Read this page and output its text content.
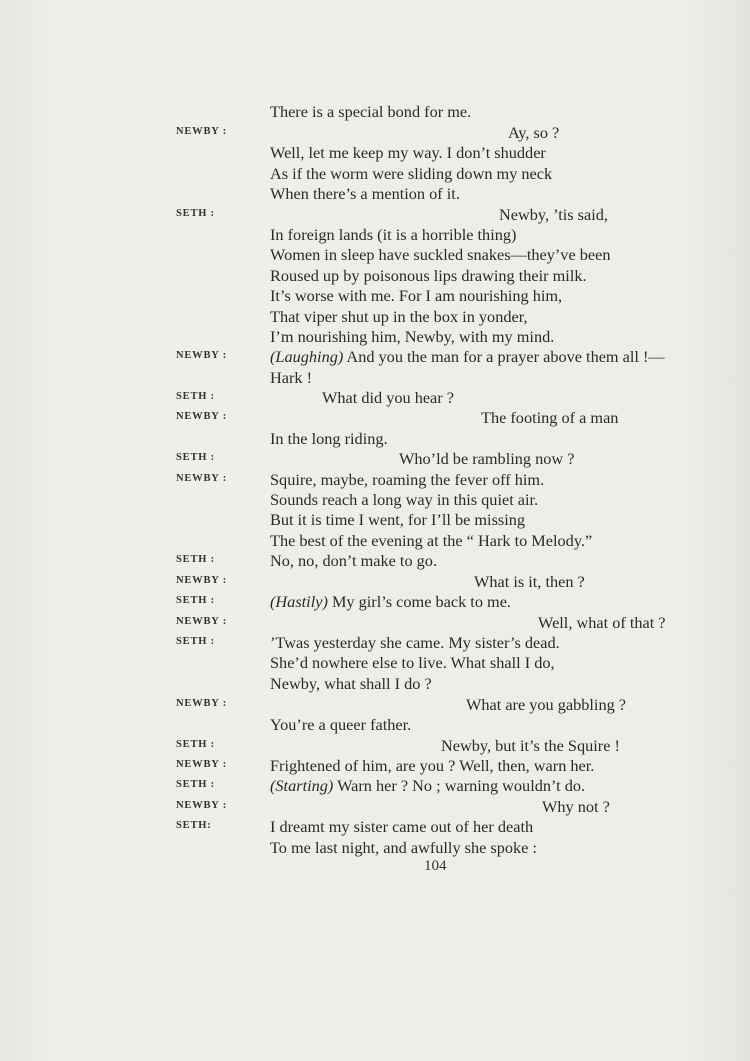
There is a special bond for me.
NEWBY :	Ay, so ?
Well, let me keep my way. I don’t shudder
As if the worm were sliding down my neck
When there’s a mention of it.
SETH :	Newby, ’tis said,
In foreign lands (it is a horrible thing)
Women in sleep have suckled snakes—they’ve been
Roused up by poisonous lips drawing their milk.
It’s worse with me. For I am nourishing him,
That viper shut up in the box in yonder,
I’m nourishing him, Newby, with my mind.
NEWBY :	(Laughing) And you the man for a prayer above them all !—
Hark !
SETH :	What did you hear ?
NEWBY :	The footing of a man
In the long riding.
SETH :	Who’ld be rambling now ?
NEWBY :	Squire, maybe, roaming the fever off him.
Sounds reach a long way in this quiet air.
But it is time I went, for I’ll be missing
The best of the evening at the “ Hark to Melody.”
SETH :	No, no, don’t make to go.
NEWBY :	What is it, then ?
SETH :	(Hastily) My girl’s come back to me.
NEWBY :	Well, what of that ?
SETH :	’Twas yesterday she came. My sister’s dead.
She’d nowhere else to live. What shall I do,
Newby, what shall I do ?
NEWBY :	What are you gabbling ?
You’re a queer father.
SETH :	Newby, but it’s the Squire !
NEWBY :	Frightened of him, are you ? Well, then, warn her.
SETH :	(Starting) Warn her ? No ; warning wouldn’t do.
NEWBY :	Why not ?
SETH:	I dreamt my sister came out of her death
To me last night, and awfully she spoke :
104
